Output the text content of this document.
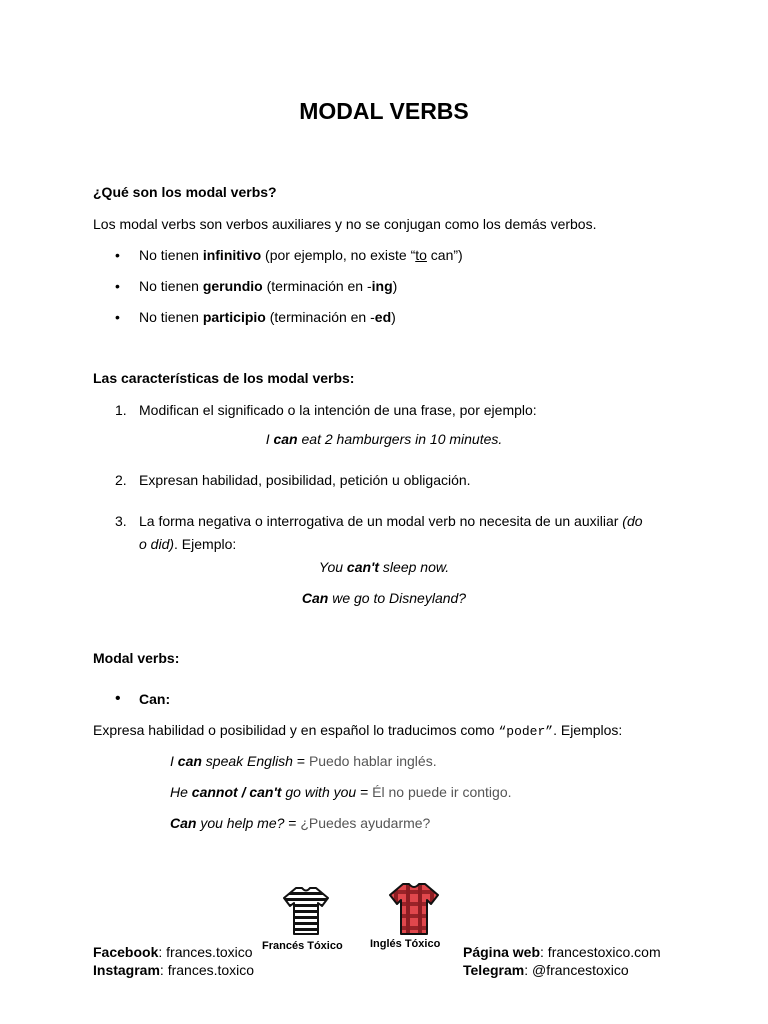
MODAL VERBS
¿Qué son los modal verbs?
Los modal verbs son verbos auxiliares y no se conjugan como los demás verbos.
•	No tienen infinitivo (por ejemplo, no existe “to can”)
•	No tienen gerundio (terminación en -ing)
•	No tienen participio (terminación en -ed)
Las características de los modal verbs:
1. Modifican el significado o la intención de una frase, por ejemplo:
I can eat 2 hamburgers in 10 minutes.
2. Expresan habilidad, posibilidad, petición u obligación.
3. La forma negativa o interrogativa de un modal verb no necesita de un auxiliar (do
o did). Ejemplo:
You can't sleep now.
Can we go to Disneyland?
Modal verbs:
•	Can:
Expresa habilidad o posibilidad y en español lo traducimos como “poder”. Ejemplos:
I can speak English = Puedo hablar inglés.
He cannot / can't go with you = Él no puede ir contigo.
Can you help me? = ¿Puedes ayudarme?
Facebook: frances.toxico
Instagram: frances.toxico
Página web: francestoxico.com
Telegram: @francestoxico
Francés Tóxico Inglés Tóxico
